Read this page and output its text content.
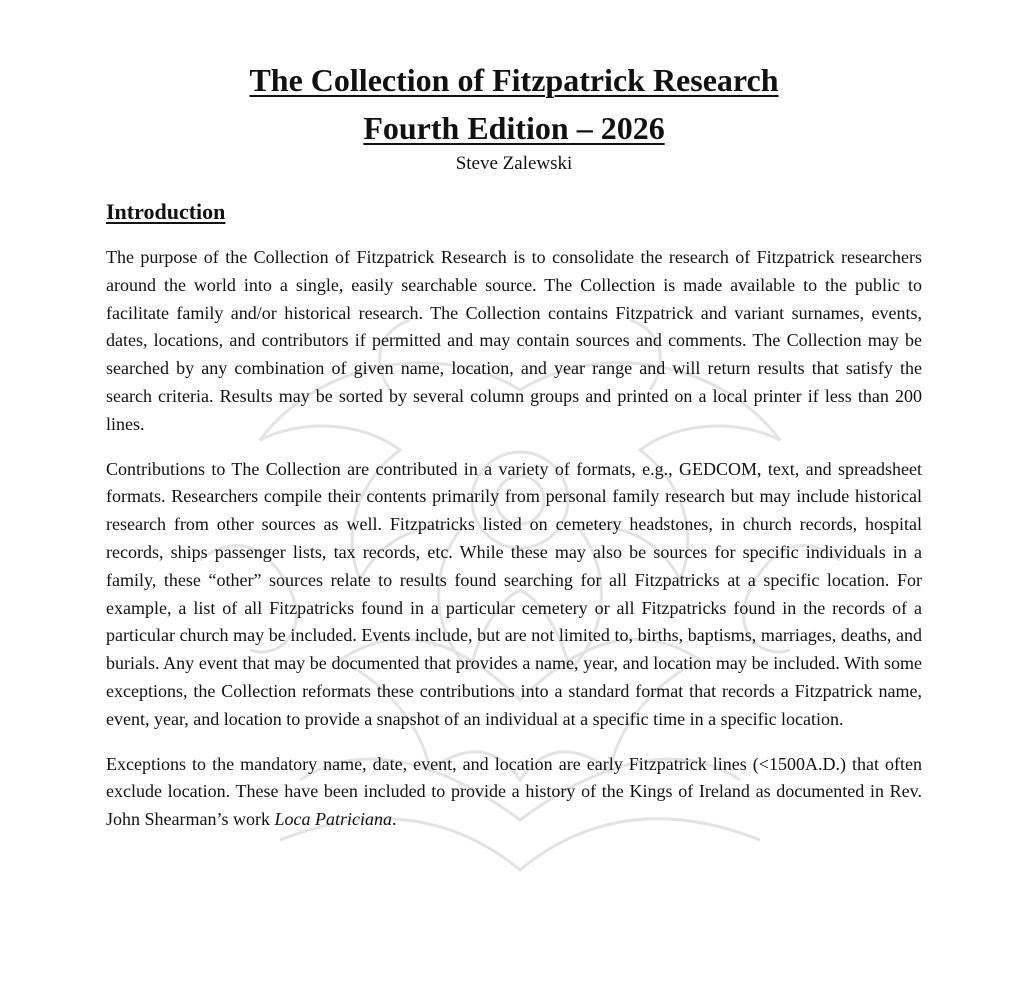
The Collection of Fitzpatrick Research
Fourth Edition – 2026

Steve Zalewski

Introduction

The purpose of the Collection of Fitzpatrick Research is to consolidate the research of Fitzpatrick researchers around the world into a single, easily searchable source. The Collection is made available to the public to facilitate family and/or historical research. The Collection contains Fitzpatrick and variant surnames, events, dates, locations, and contributors if permitted and may contain sources and comments. The Collection may be searched by any combination of given name, location, and year range and will return results that satisfy the search criteria. Results may be sorted by several column groups and printed on a local printer if less than 200 lines.

Contributions to The Collection are contributed in a variety of formats, e.g., GEDCOM, text, and spreadsheet formats. Researchers compile their contents primarily from personal family research but may include historical research from other sources as well. Fitzpatricks listed on cemetery headstones, in church records, hospital records, ships passenger lists, tax records, etc. While these may also be sources for specific individuals in a family, these “other” sources relate to results found searching for all Fitzpatricks at a specific location. For example, a list of all Fitzpatricks found in a particular cemetery or all Fitzpatricks found in the records of a particular church may be included. Events include, but are not limited to, births, baptisms, marriages, deaths, and burials. Any event that may be documented that provides a name, year, and location may be included. With some exceptions, the Collection reformats these contributions into a standard format that records a Fitzpatrick name, event, year, and location to provide a snapshot of an individual at a specific time in a specific location.

Exceptions to the mandatory name, date, event, and location are early Fitzpatrick lines (<1500A.D.) that often exclude location. These have been included to provide a history of the Kings of Ireland as documented in Rev. John Shearman’s work Loca Patriciana.
